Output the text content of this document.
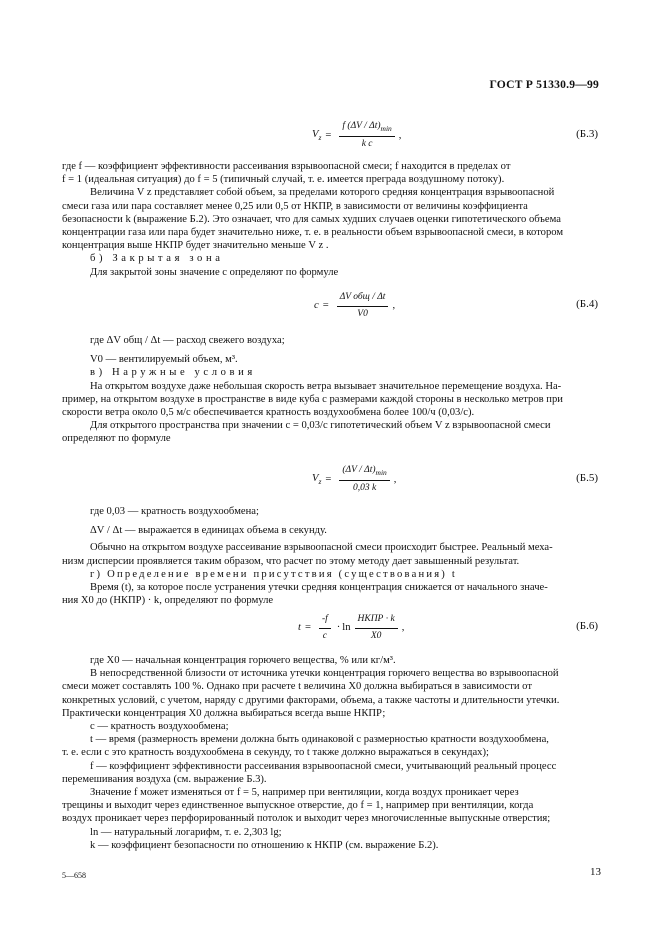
ГОСТ Р 51330.9—99
$V_z = \frac{f (\Delta V / \Delta t)_{min}}{\text{k c}}$ ,	(Б.3)

где f — коэффициент эффективности рассеивания взрывоопасной смеси; f находится в пределах от

f = 1 (идеальная ситуация) до f = 5 (типичный случай, т. е. имеется преграда воздушному потоку).

Величина V z представляет собой объем, за пределами которого средняя концентрация взрывоопасной

смеси газа или пара составляет менее 0,25 или 0,5 от НКПР, в зависимости от величины коэффициента

безопасности k (выражение Б.2). Это означает, что для самых худших случаев оценки гипотетического объема

концентрации газа или пара будет значительно ниже, т. е. в реальности объем взрывоопасной смеси, в котором

концентрация выше НКПР будет значительно меньше V z .

б) Закрытая зона

Для закрытой зоны значение c определяют по формуле

$c = \frac{\text{ΔV общ / Δt}}{V0}$ ,	(Б.4)

где ΔV общ / Δt — расход свежего воздуха;

V0 — вентилируемый объем, м³.

в) Наружные условия

На открытом воздухе даже небольшая скорость ветра вызывает значительное перемещение воздуха. На-

пример, на открытом воздухе в пространстве в виде куба с размерами каждой стороны в несколько метров при

скорости ветра около 0,5 м/с обеспечивается кратность воздухообмена более 100/ч (0,03/с).

Для открытого пространства при значении c = 0,03/с гипотетический объем V z взрывоопасной смеси

определяют по формуле

$V_z = \frac{(\Delta V / \Delta t)_{min}}{0,03 k}$ ,	(Б.5)

где 0,03 — кратность воздухообмена;

ΔV / Δt — выражается в единицах объема в секунду.

Обычно на открытом воздухе рассеивание взрывоопасной смеси происходит быстрее. Реальный меха-

низм дисперсии проявляется таким образом, что расчет по этому методу дает завышенный результат.

г) Определение времени присутствия (существования) t

Время (t), за которое после устранения утечки средняя концентрация снижается от начального значе-

ния X0 до (НКПР) · k, определяют по формуле

$t = \frac{-f}{c} \cdot \ln \frac{\text{НКПР · k}}{X0}$ ,	(Б.6)

где X0 — начальная концентрация горючего вещества, % или кг/м³.

В непосредственной близости от источника утечки концентрация горючего вещества во взрывоопасной

смеси может составлять 100 %. Однако при расчете t величина X0 должна выбираться в зависимости от

конкретных условий, с учетом, наряду с другими факторами, объема, а также частоты и длительности утечки.

Практически концентрация X0 должна выбираться всегда выше НКПР;

c — кратность воздухообмена;

t — время (размерность времени должна быть одинаковой с размерностью кратности воздухообмена,

т. е. если c это кратность воздухообмена в секунду, то t также должно выражаться в секундах);

f — коэффициент эффективности рассеивания взрывоопасной смеси, учитывающий реальный процесс

перемешивания воздуха (см. выражение Б.3).

Значение f может изменяться от f = 5, например при вентиляции, когда воздух проникает через

трещины и выходит через единственное выпускное отверстие, до f = 1, например при вентиляции, когда

воздух проникает через перфорированный потолок и выходит через многочисленные выпускные отверстия;

ln — натуральный логарифм, т. е. 2,303 lg;

k — коэффициент безопасности по отношению к НКПР (см. выражение Б.2).

5—658	13
